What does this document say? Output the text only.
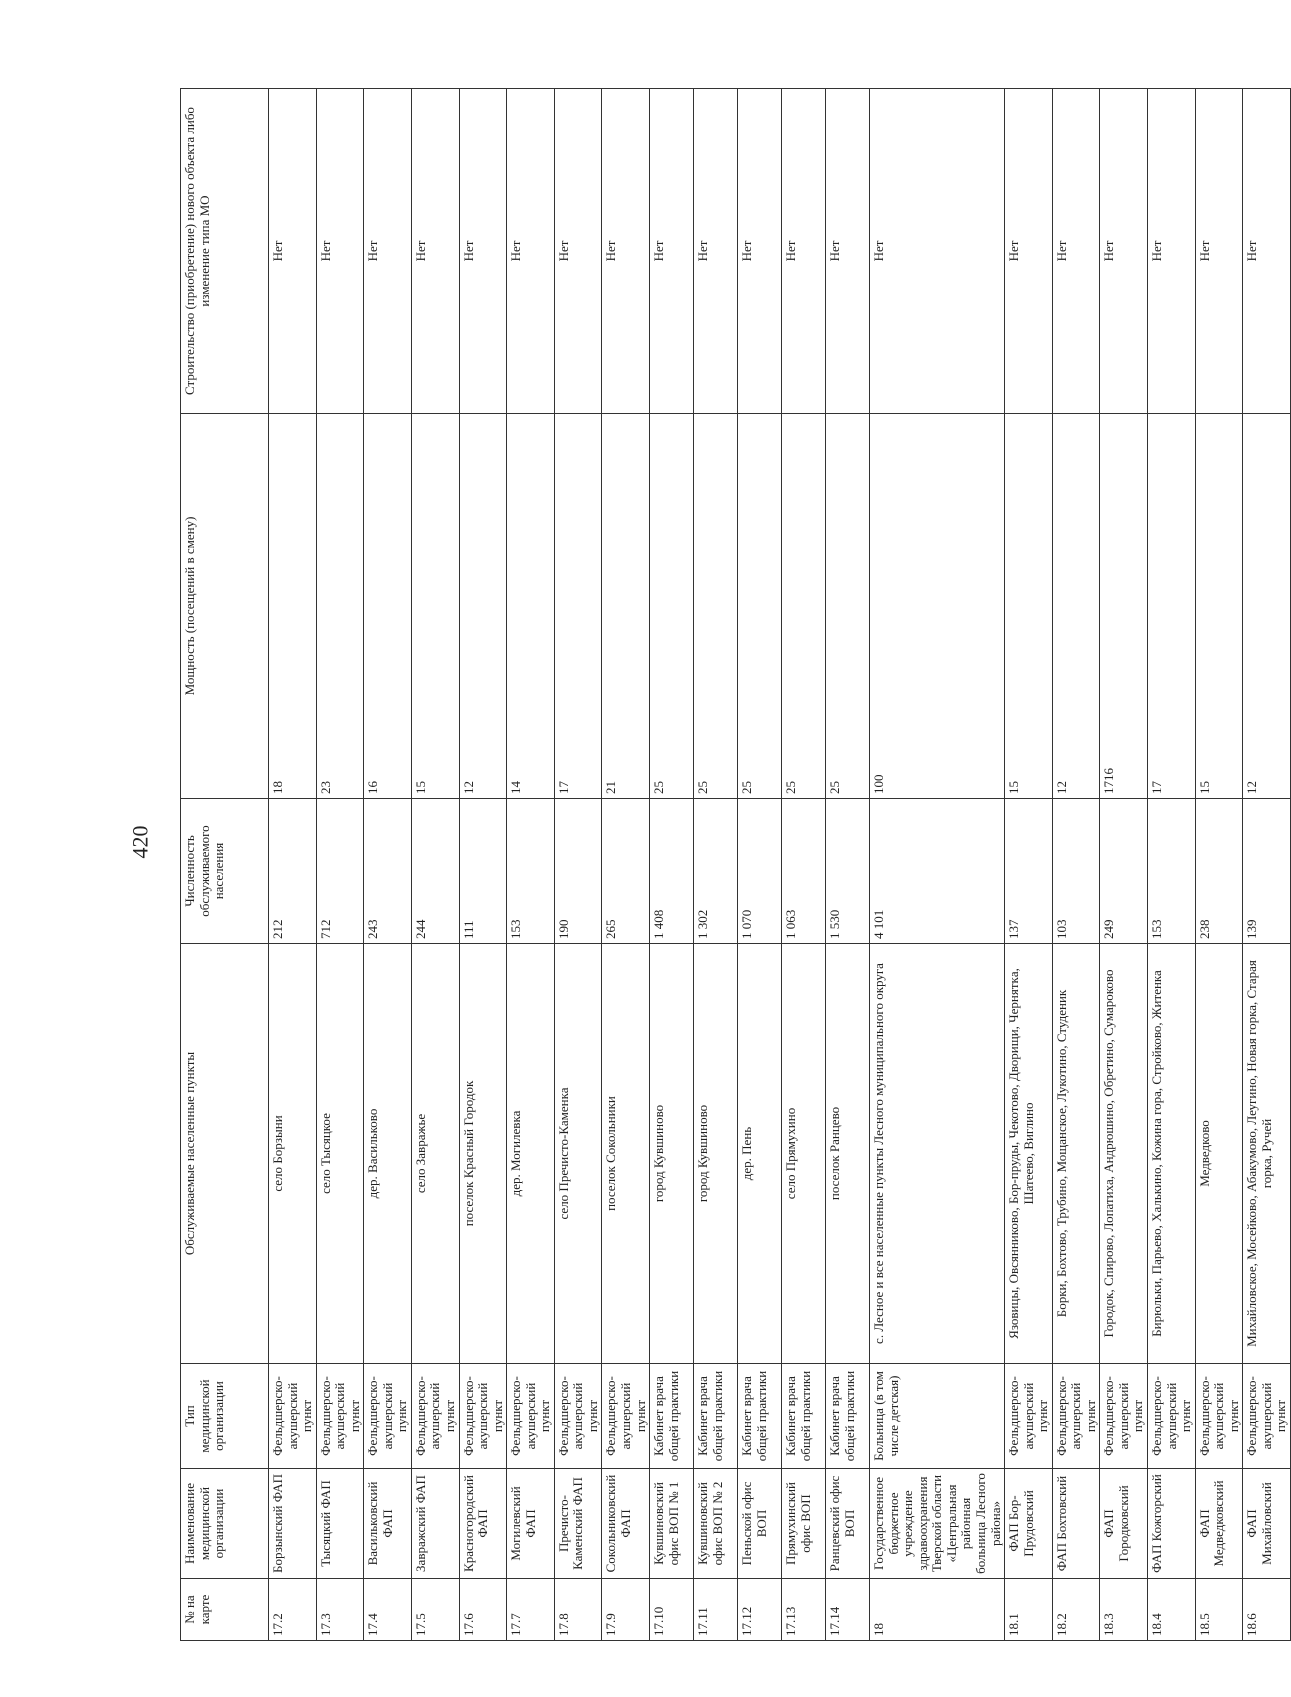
420
№ на карте	Наименование медицинской организации	Тип медицинской организации	Обслуживаемые населенные пункты	Численность обслуживаемого населения	Мощность (посещений в смену)	Строительство (приобретение) нового объекта либо изменение типа МО
17.2	Борзынский ФАП	Фельдшерско-акушерский пункт	село Борзыни	212	18	Нет
17.3	Тысяцкий ФАП	Фельдшерско-акушерский пункт	село Тысяцкое	712	23	Нет
17.4	Васильковский ФАП	Фельдшерско-акушерский пункт	дер. Васильково	243	16	Нет
17.5	Завражский ФАП	Фельдшерско-акушерский пункт	село Завражье	244	15	Нет
17.6	Красногородский ФАП	Фельдшерско-акушерский пункт	поселок Красный Городок	111	12	Нет
17.7	Могилевский ФАП	Фельдшерско-акушерский пункт	дер. Могилевка	153	14	Нет
17.8	Пречисто-Каменский ФАП	Фельдшерско-акушерский пункт	село Пречисто-Каменка	190	17	Нет
17.9	Сокольниковский ФАП	Фельдшерско-акушерский пункт	поселок Сокольники	265	21	Нет
17.10	Кувшиновский офис ВОП № 1	Кабинет врача общей практики	город Кувшиново	1 408	25	Нет
17.11	Кувшиновский офис ВОП № 2	Кабинет врача общей практики	город Кувшиново	1 302	25	Нет
17.12	Пеньской офис ВОП	Кабинет врача общей практики	дер. Пень	1 070	25	Нет
17.13	Прямухинский офис ВОП	Кабинет врача общей практики	село Прямухино	1 063	25	Нет
17.14	Ранцевский офис ВОП	Кабинет врача общей практики	поселок Ранцево	1 530	25	Нет
18	Государственное бюджетное учреждение здравоохранения Тверской области «Центральная районная больница Лесного района»	Больница (в том числе детская)	с. Лесное и все населенные пункты Лесного муниципального округа	4 101	100	Нет
18.1	ФАП Бор-Прудовский	Фельдшерско-акушерский пункт	Язовицы, Овсянниково, Бор-пруды, Чекотово, Дворищи, Черняткa, Шатеево, Виглино	137	15	Нет
18.2	ФАП Бохтовский	Фельдшерско-акушерский пункт	Борки, Бохтово, Трубино, Мощанское, Лукотино, Студеник	103	12	Нет
18.3	ФАП Городковский	Фельдшерско-акушерский пункт	Городок, Спирово, Лопатиха, Андрюшино, Обретино, Сумароково	249	1716	Нет
18.4	ФАП Кожгорский	Фельдшерско-акушерский пункт	Бирюльки, Парьево, Халькино, Кожина гора, Стройково, Житенка	153	17	Нет
18.5	ФАП Медведковский	Фельдшерско-акушерский пункт	Медведково	238	15	Нет
18.6	ФАП Михайловский	Фельдшерско-акушерский пункт	Михайловское, Мосейково, Абакумово, Леугино, Новая горка, Старая горка, Ручей	139	12	Нет
